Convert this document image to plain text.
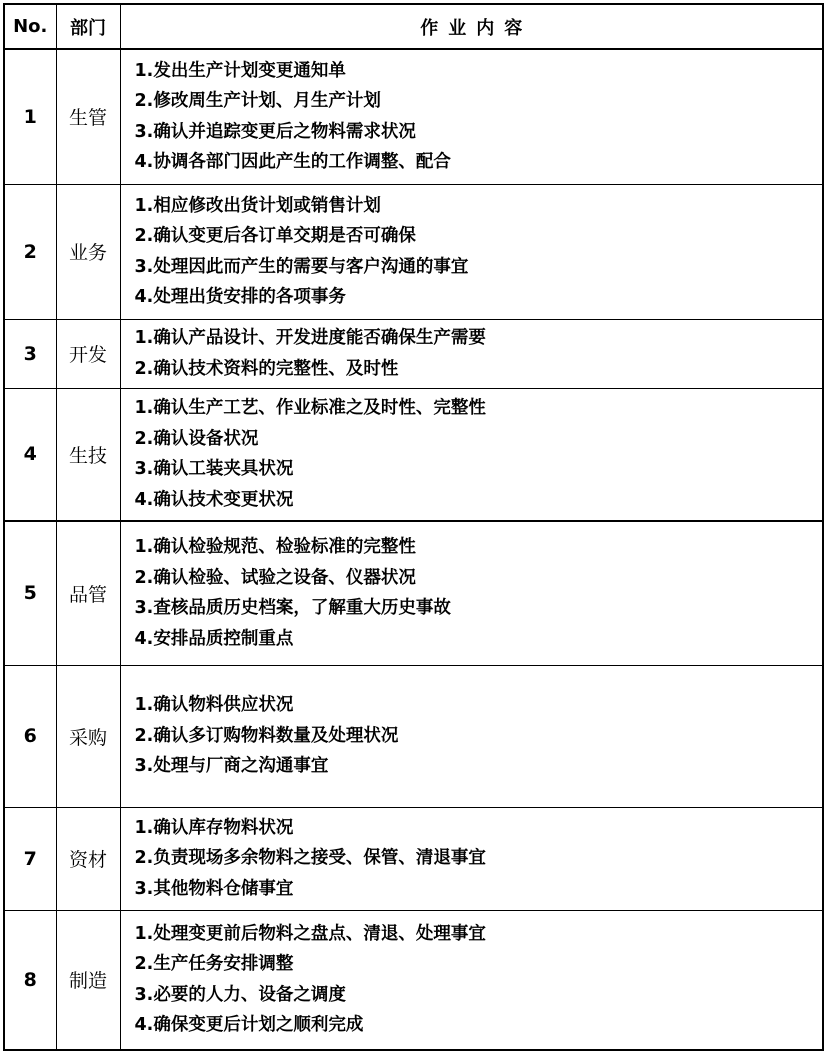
No.	部门	作业内容
1	生管	1.发出生产计划变更通知单
2.修改周生产计划、月生产计划
3.确认并追踪变更后之物料需求状况
4.协调各部门因此产生的工作调整、配合

2	业务	1.相应修改出货计划或销售计划
2.确认变更后各订单交期是否可确保
3.处理因此而产生的需要与客户沟通的事宜
4.处理出货安排的各项事务

3	开发	1.确认产品设计、开发进度能否确保生产需要
2.确认技术资料的完整性、及时性

4	生技	1.确认生产工艺、作业标准之及时性、完整性
2.确认设备状况
3.确认工装夹具状况
4.确认技术变更状况

5	品管	1.确认检验规范、检验标准的完整性
2.确认检验、试验之设备、仪器状况
3.查核品质历史档案，了解重大历史事故
4.安排品质控制重点

6	采购	1.确认物料供应状况
2.确认多订购物料数量及处理状况
3.处理与厂商之沟通事宜

7	资材	1.确认库存物料状况
2.负责现场多余物料之接受、保管、清退事宜
3.其他物料仓储事宜

8	制造	1.处理变更前后物料之盘点、清退、处理事宜
2.生产任务安排调整
3.必要的人力、设备之调度
4.确保变更后计划之顺利完成
